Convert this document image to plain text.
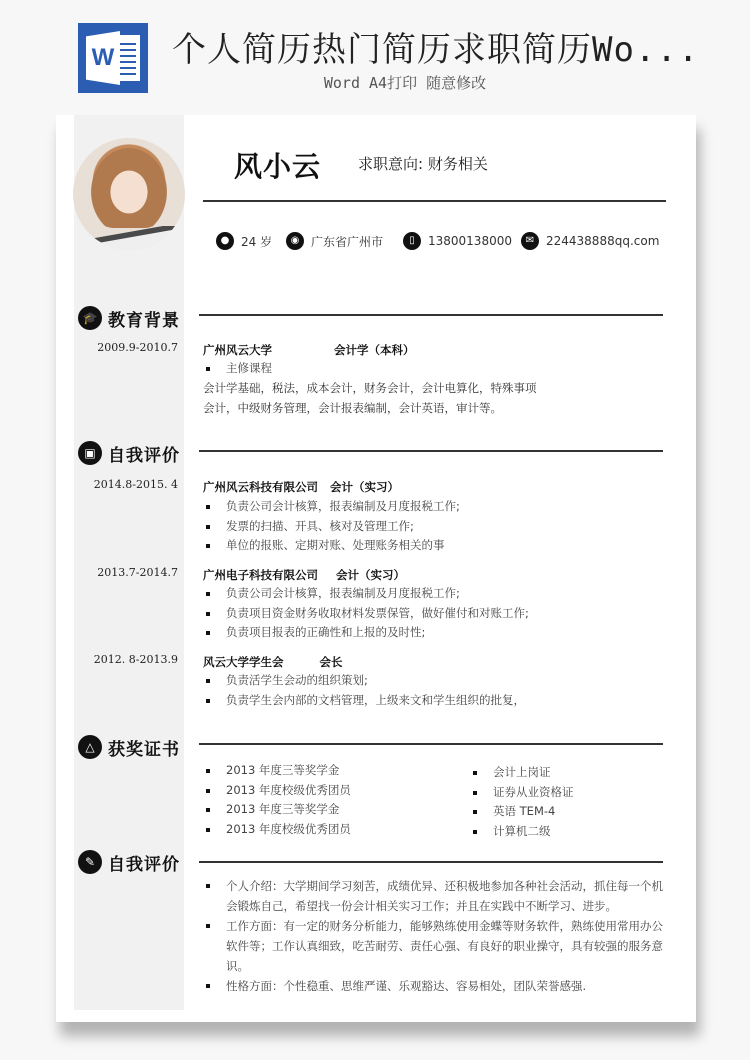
W 个人简历热门简历求职简历Wo...
Word A4打印 随意修改
风小云 求职意向: 财务相关
● 24 岁	◉ 广东省广州市	▯	13800138000	✉ 224438888qq.com
🎓 教育背景
2009.9-2010.7 广州风云大学	会计学（本科）
主修课程
会计学基础，税法，成本会计，财务会计，会计电算化，特殊事项
会计，中级财务管理，会计报表编制，会计英语，审计等。
▣ 自我评价
2014.8-2015. 4 广州风云科技有限公司 会计（实习）
负责公司会计核算，报表编制及月度报税工作;
发票的扫描、开具、核对及管理工作;
单位的报账、定期对账、处理账务相关的事
2013.7-2014.7 广州电子科技有限公司 会计（实习）
负责公司会计核算，报表编制及月度报税工作;
负责项目资金财务收取材料发票保管，做好催付和对账工作;
负责项目报表的正确性和上报的及时性;
2012. 8-2013.9 风云大学学生会	会长
负责活学生会动的组织策划;
负责学生会内部的文档管理，上级来文和学生组织的批复，
△ 获奖证书
2013 年度三等奖学金
2013 年度校级优秀团员
2013 年度三等奖学金
2013 年度校级优秀团员
会计上岗证
证券从业资格证
英语 TEM-4
计算机二级
✎ 自我评价
个人介绍：大学期间学习刻苦，成绩优异、还积极地参加各种社会活动，抓住每一个机会锻炼自己，希望找一份会计相关实习工作；并且在实践中不断学习、进步。
工作方面：有一定的财务分析能力，能够熟练使用金蝶等财务软件，熟练使用常用办公软件等；工作认真细致，吃苦耐劳、责任心强、有良好的职业操守，具有较强的服务意识。
性格方面：个性稳重、思维严谨、乐观豁达、容易相处，团队荣誉感强.
